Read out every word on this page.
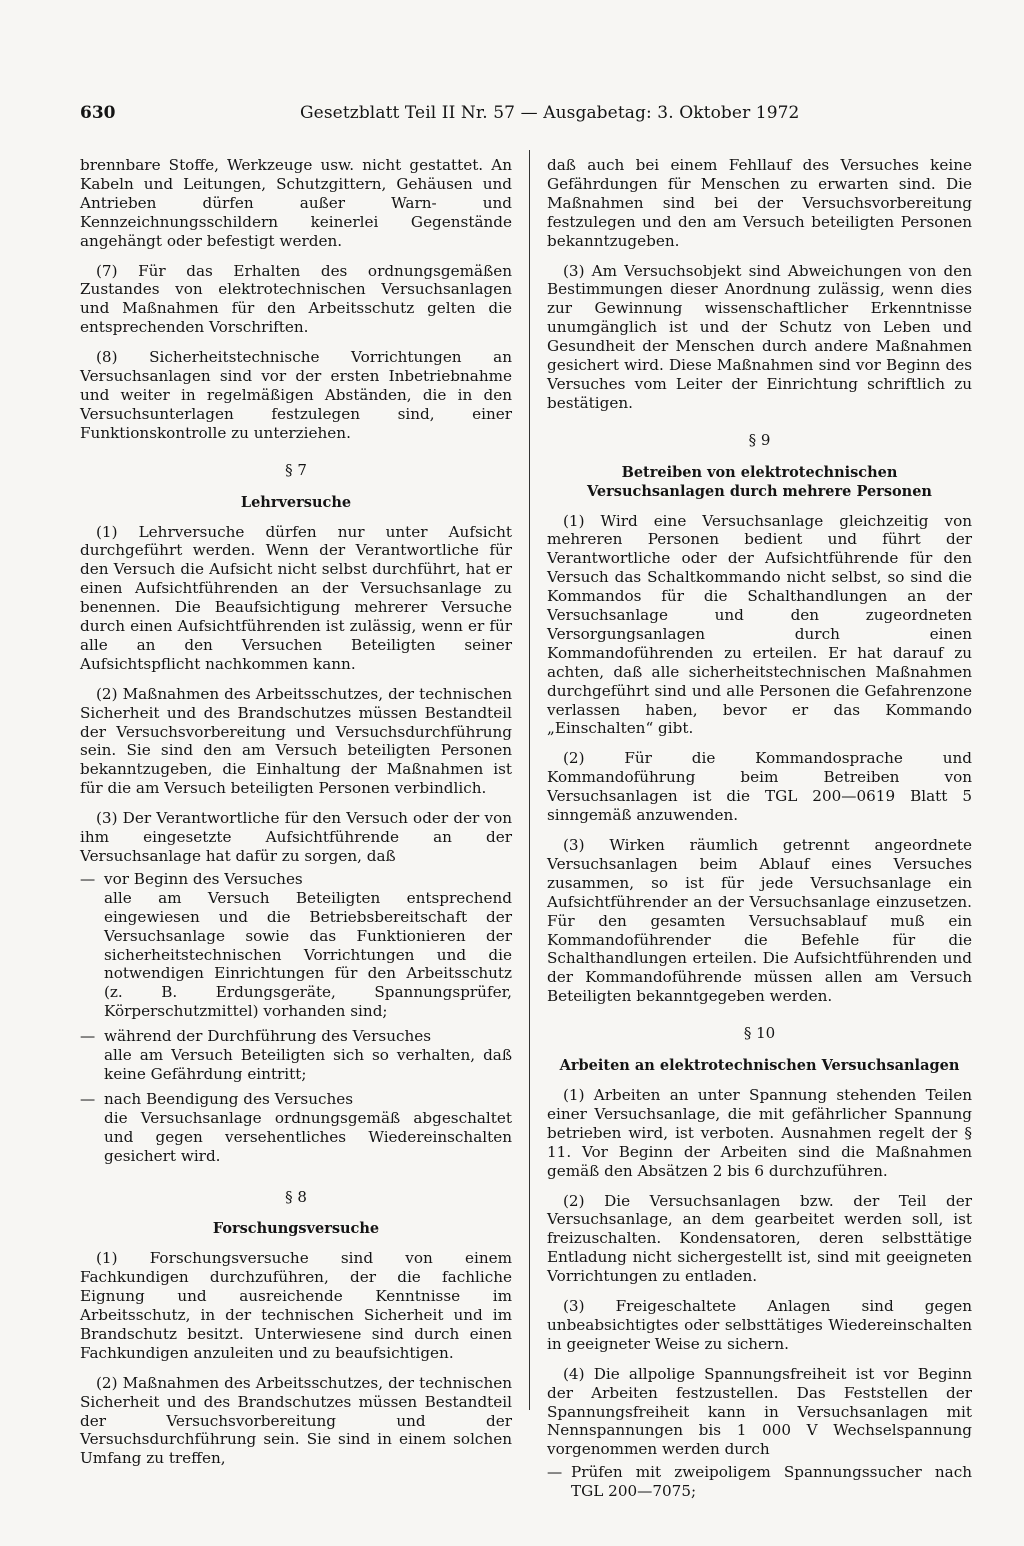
630	Gesetzblatt Teil II Nr. 57 — Ausgabetag: 3. Oktober 1972

brennbare Stoffe, Werkzeuge usw. nicht gestattet. An Kabeln und Leitungen, Schutzgittern, Gehäusen und Antrieben dürfen außer Warn- und Kennzeichnungsschildern keinerlei Gegenstände angehängt oder befestigt werden.

(7) Für das Erhalten des ordnungsgemäßen Zustandes von elektrotechnischen Versuchsanlagen und Maßnahmen für den Arbeitsschutz gelten die entsprechenden Vorschriften.

(8) Sicherheitstechnische Vorrichtungen an Versuchsanlagen sind vor der ersten Inbetriebnahme und weiter in regelmäßigen Abständen, die in den Versuchsunterlagen festzulegen sind, einer Funktionskontrolle zu unterziehen.

§ 7
Lehrversuche

(1) Lehrversuche dürfen nur unter Aufsicht durchgeführt werden. Wenn der Verantwortliche für den Versuch die Aufsicht nicht selbst durchführt, hat er einen Aufsichtführenden an der Versuchsanlage zu benennen. Die Beaufsichtigung mehrerer Versuche durch einen Aufsichtführenden ist zulässig, wenn er für alle an den Versuchen Beteiligten seiner Aufsichtspflicht nachkommen kann.

(2) Maßnahmen des Arbeitsschutzes, der technischen Sicherheit und des Brandschutzes müssen Bestandteil der Versuchsvorbereitung und Versuchsdurchführung sein. Sie sind den am Versuch beteiligten Personen bekanntzugeben, die Einhaltung der Maßnahmen ist für die am Versuch beteiligten Personen verbindlich.

(3) Der Verantwortliche für den Versuch oder der von ihm eingesetzte Aufsichtführende an der Versuchsanlage hat dafür zu sorgen, daß

— vor Beginn des Versuches
alle am Versuch Beteiligten entsprechend eingewiesen und die Betriebsbereitschaft der Versuchsanlage sowie das Funktionieren der sicherheitstechnischen Vorrichtungen und die notwendigen Einrichtungen für den Arbeitsschutz (z. B. Erdungsgeräte, Spannungsprüfer, Körperschutzmittel) vorhanden sind;
— während der Durchführung des Versuches
alle am Versuch Beteiligten sich so verhalten, daß keine Gefährdung eintritt;
— nach Beendigung des Versuches
die Versuchsanlage ordnungsgemäß abgeschaltet und gegen versehentliches Wiedereinschalten gesichert wird.
§ 8
Forschungsversuche

(1) Forschungsversuche sind von einem Fachkundigen durchzuführen, der die fachliche Eignung und ausreichende Kenntnisse im Arbeitsschutz, in der technischen Sicherheit und im Brandschutz besitzt. Unterwiesene sind durch einen Fachkundigen anzuleiten und zu beaufsichtigen.

(2) Maßnahmen des Arbeitsschutzes, der technischen Sicherheit und des Brandschutzes müssen Bestandteil der Versuchsvorbereitung und der Versuchsdurchführung sein. Sie sind in einem solchen Umfang zu treffen,

daß auch bei einem Fehllauf des Versuches keine Gefährdungen für Menschen zu erwarten sind. Die Maßnahmen sind bei der Versuchsvorbereitung festzulegen und den am Versuch beteiligten Personen bekanntzugeben.

(3) Am Versuchsobjekt sind Abweichungen von den Bestimmungen dieser Anordnung zulässig, wenn dies zur Gewinnung wissenschaftlicher Erkenntnisse unumgänglich ist und der Schutz von Leben und Gesundheit der Menschen durch andere Maßnahmen gesichert wird. Diese Maßnahmen sind vor Beginn des Versuches vom Leiter der Einrichtung schriftlich zu bestätigen.

§ 9
Betreiben von elektrotechnischen Versuchsanlagen durch mehrere Personen

(1) Wird eine Versuchsanlage gleichzeitig von mehreren Personen bedient und führt der Verantwortliche oder der Aufsichtführende für den Versuch das Schaltkommando nicht selbst, so sind die Kommandos für die Schalthandlungen an der Versuchsanlage und den zugeordneten Versorgungsanlagen durch einen Kommandoführenden zu erteilen. Er hat darauf zu achten, daß alle sicherheitstechnischen Maßnahmen durchgeführt sind und alle Personen die Gefahrenzone verlassen haben, bevor er das Kommando „Einschalten“ gibt.

(2) Für die Kommandosprache und Kommandoführung beim Betreiben von Versuchsanlagen ist die TGL 200—0619 Blatt 5 sinngemäß anzuwenden.

(3) Wirken räumlich getrennt angeordnete Versuchsanlagen beim Ablauf eines Versuches zusammen, so ist für jede Versuchsanlage ein Aufsichtführender an der Versuchsanlage einzusetzen. Für den gesamten Versuchsablauf muß ein Kommandoführender die Befehle für die Schalthandlungen erteilen. Die Aufsichtführenden und der Kommandoführende müssen allen am Versuch Beteiligten bekanntgegeben werden.

§ 10
Arbeiten an elektrotechnischen Versuchsanlagen

(1) Arbeiten an unter Spannung stehenden Teilen einer Versuchsanlage, die mit gefährlicher Spannung betrieben wird, ist verboten. Ausnahmen regelt der § 11. Vor Beginn der Arbeiten sind die Maßnahmen gemäß den Absätzen 2 bis 6 durchzuführen.

(2) Die Versuchsanlagen bzw. der Teil der Versuchsanlage, an dem gearbeitet werden soll, ist freizuschalten. Kondensatoren, deren selbsttätige Entladung nicht sichergestellt ist, sind mit geeigneten Vorrichtungen zu entladen.

(3) Freigeschaltete Anlagen sind gegen unbeabsichtigtes oder selbsttätiges Wiedereinschalten in geeigneter Weise zu sichern.

(4) Die allpolige Spannungsfreiheit ist vor Beginn der Arbeiten festzustellen. Das Feststellen der Spannungsfreiheit kann in Versuchsanlagen mit Nennspannungen bis 1 000 V Wechselspannung vorgenommen werden durch

— Prüfen mit zweipoligem Spannungssucher nach TGL 200—7075;
